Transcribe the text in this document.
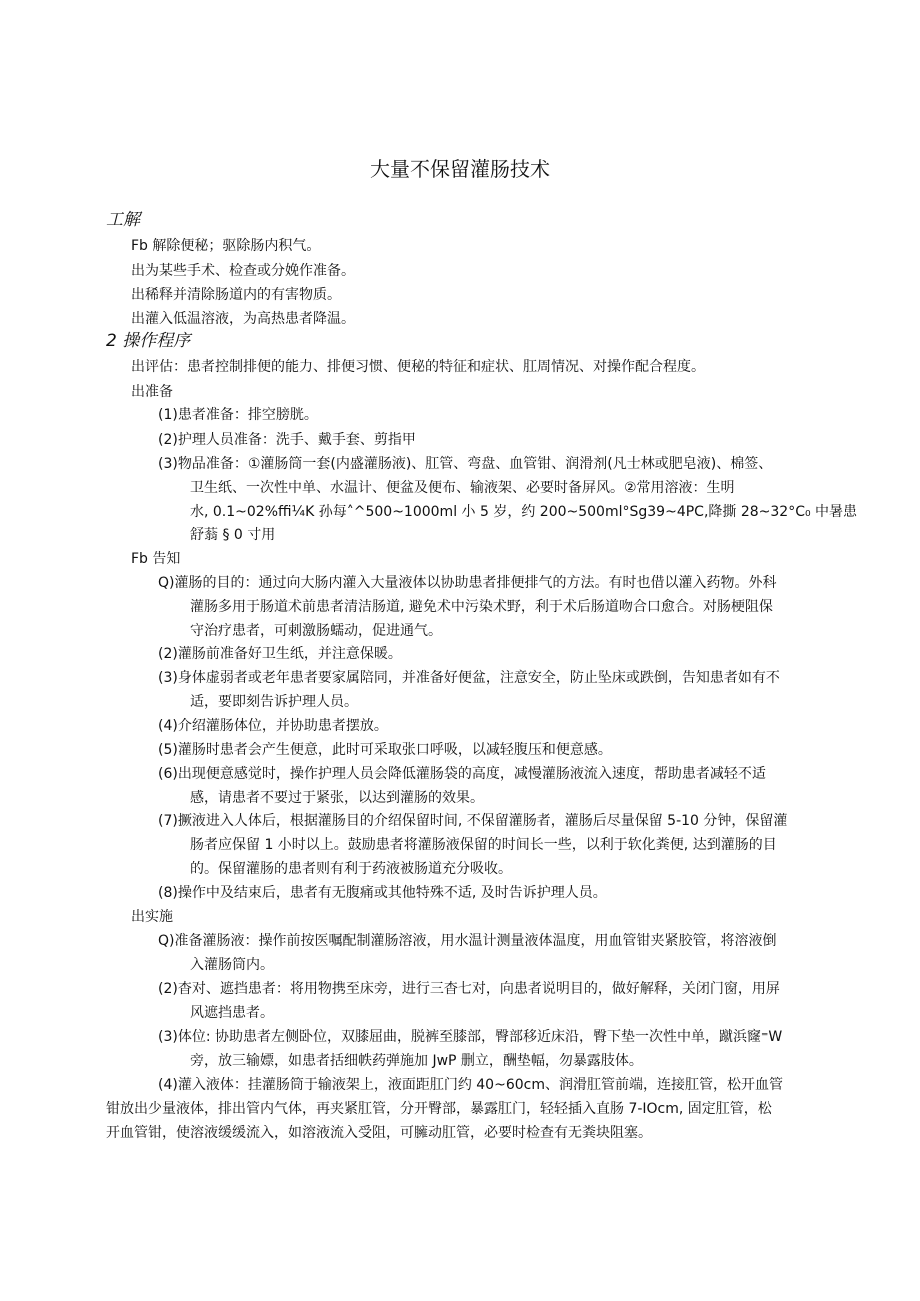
大量不保留灌肠技术
工解
Fb 解除便秘；驱除肠内积气。
出为某些手术、检查或分娩作准备。
出稀释并清除肠道内的有害物质。
出灌入低温溶液，为高热患者降温。
2 操作程序
出评估：患者控制排便的能力、排便习惯、便秘的特征和症状、肛周情况、对操作配合程度。
出准备
(1)患者准备：排空膀胱。
(2)护理人员准备：洗手、戴手套、剪指甲
(3)物品准备：①灌肠筒一套(内盛灌肠液)、肛管、弯盘、血管钳、润滑剂(凡士林或肥皂液)、棉签、
卫生纸、一次性中单、水温计、便盆及便布、输液架、必要时备屏风。②常用溶液：生明
水, 0.1~02%ffi¼K 孙每˄^500~1000ml 小 5 岁，约 200~500ml°Sg39~4PC,降撕 28~32°C₀ 中暑患
舒蓊 § 0 寸用
Fb 告知
Q)灌肠的目的：通过向大肠内灌入大量液体以协助患者排便排气的方法。有时也借以灌入药物。外科
灌肠多用于肠道术前患者清洁肠道, 避免术中污染术野，利于术后肠道吻合口愈合。对肠梗阻保
守治疗患者，可刺激肠蠕动，促进通气。
(2)灌肠前准备好卫生纸，并注意保暖。
(3)身体虚弱者或老年患者要家属陪同，并准备好便盆，注意安全，防止坠床或跌倒，告知患者如有不
适，要即刻告诉护理人员。
(4)介绍灌肠体位，并协助患者摆放。
(5)灌肠时患者会产生便意，此时可采取张口呼吸，以减轻腹压和便意感。
(6)出现便意感觉时，操作护理人员会降低灌肠袋的高度，减慢灌肠液流入速度，帮助患者减轻不适
感，请患者不要过于紧张，以达到灌肠的效果。
(7)撅液进入人体后，根据灌肠目的介绍保留时间, 不保留灌肠者，灌肠后尽量保留 5-10 分钟，保留灌
肠者应保留 1 小时以上。鼓励患者将灌肠液保留的时间长一些，以利于软化粪便, 达到灌肠的目
的。保留灌肠的患者则有利于药液被肠道充分吸收。
(8)操作中及结束后，患者有无腹痛或其他特殊不适, 及时告诉护理人员。
出实施
Q)准备灌肠液：操作前按医嘱配制灌肠溶液，用水温计测量液体温度，用血管钳夹紧胶管，将溶液倒
入灌肠筒内。
(2)杳对、遮挡患者：将用物携至床旁，进行三杳七对，向患者说明目的，做好解释，关闭门窗，用屏
风遮挡患者。
(3)体位: 协助患者左侧卧位，双膝屈曲，脱裤至膝部，臀部移近床沿，臀下垫一次性中单，蹴浜窿⁼W
旁，放三输嫖，如患者括细帙药弹施加 JwP 删立，酬垫幅，勿暴露肢体。
(4)灌入液体：挂灌肠筒于输液架上，液面距肛门约 40~60cm、润滑肛管前端，连接肛管，松开血管
钳放出少量液体，排出管内气体，再夹紧肛管，分开臀部，暴露肛门，轻轻插入直肠 7-IOcm, 固定肛管，松
开血管钳，使溶液缓缓流入，如溶液流入受阻，可臃动肛管，必要时检查有无粪块阻塞。
